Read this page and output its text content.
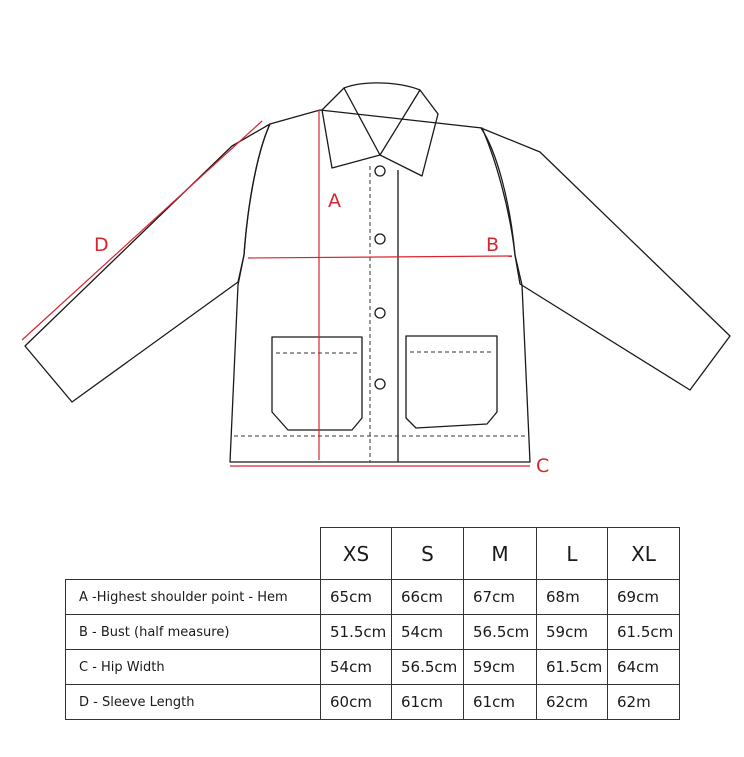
A
B
C
D
	XS	S	M	L	XL
A -Highest shoulder point - Hem	65cm	66cm	67cm	68m	69cm
B - Bust (half measure)	51.5cm	54cm	56.5cm	59cm	61.5cm
C - Hip Width	54cm	56.5cm	59cm	61.5cm	64cm
D - Sleeve Length	60cm	61cm	61cm	62cm	62m
